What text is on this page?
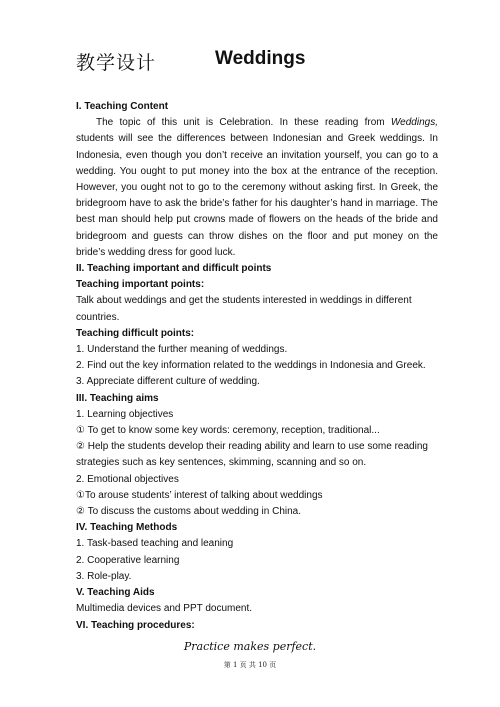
教学设计	Weddings
I. Teaching Content
The topic of this unit is Celebration. In these reading from Weddings,
students will see the differences between Indonesian and Greek weddings. In
Indonesia, even though you don’t receive an invitation yourself, you can go to a
wedding. You ought to put money into the box at the entrance of the reception.
However, you ought not to go to the ceremony without asking first. In Greek, the
bridegroom have to ask the bride’s father for his daughter’s hand in marriage. The
best man should help put crowns made of flowers on the heads of the bride and
bridegroom and guests can throw dishes on the floor and put money on the
bride’s wedding dress for good luck.
II. Teaching important and difficult points
Teaching important points:
Talk about weddings and get the students interested in weddings in different
countries.
Teaching difficult points:
1. Understand the further meaning of weddings.
2. Find out the key information related to the weddings in Indonesia and Greek.
3. Appreciate different culture of wedding.
III. Teaching aims
1. Learning objectives
① To get to know some key words: ceremony, reception, traditional...
② Help the students develop their reading ability and learn to use some reading
strategies such as key sentences, skimming, scanning and so on.
2. Emotional objectives
①To arouse students’ interest of talking about weddings
② To discuss the customs about wedding in China.
IV. Teaching Methods
1. Task-based teaching and leaning
2. Cooperative learning
3. Role-play.
V. Teaching Aids
Multimedia devices and PPT document.
VI. Teaching procedures:
Practice makes perfect.
第 1 页 共 10 页
